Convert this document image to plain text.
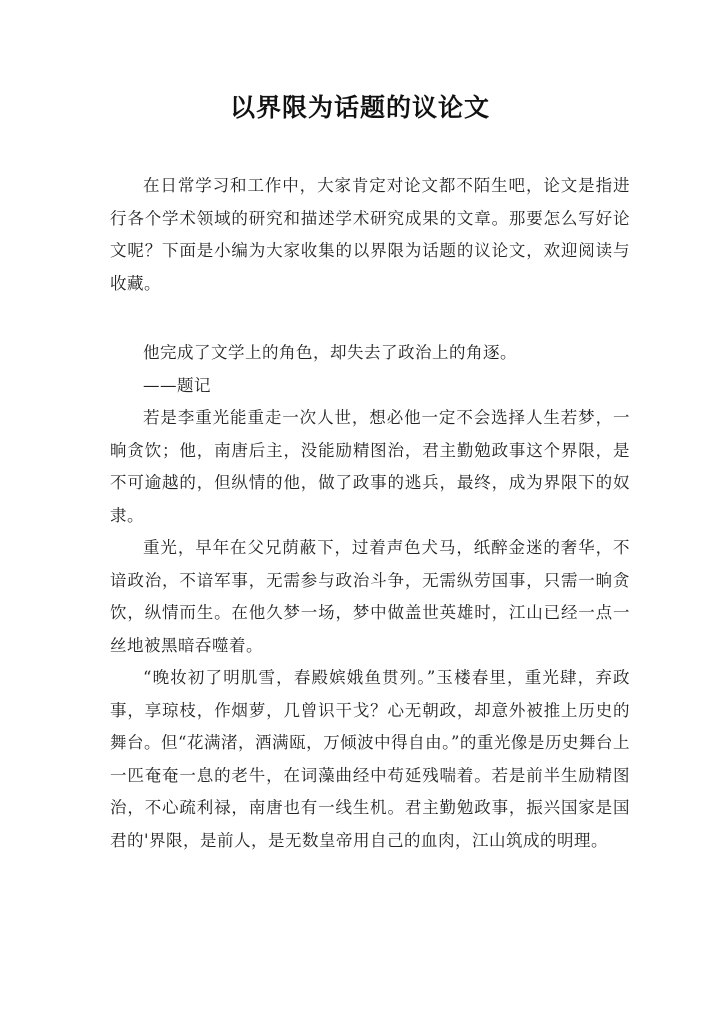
以界限为话题的议论文

在日常学习和工作中，大家肯定对论文都不陌生吧，论文是指进行各个学术领域的研究和描述学术研究成果的文章。那要怎么写好论文呢？下面是小编为大家收集的以界限为话题的议论文，欢迎阅读与收藏。

他完成了文学上的角色，却失去了政治上的角逐。

——题记

若是李重光能重走一次人世，想必他一定不会选择人生若梦，一晌贪饮；他，南唐后主，没能励精图治，君主勤勉政事这个界限，是不可逾越的，但纵情的他，做了政事的逃兵，最终，成为界限下的奴隶。

重光，早年在父兄荫蔽下，过着声色犬马，纸醉金迷的奢华，不谙政治，不谙军事，无需参与政治斗争，无需纵劳国事，只需一晌贪饮，纵情而生。在他久梦一场，梦中做盖世英雄时，江山已经一点一丝地被黑暗吞噬着。

“晚妆初了明肌雪，春殿嫔娥鱼贯列。”玉楼春里，重光肆，弃政事，享琼枝，作烟萝，几曾识干戈？心无朝政，却意外被推上历史的舞台。但“花满渚，酒满瓯，万倾波中得自由。”的重光像是历史舞台上一匹奄奄一息的老牛，在词藻曲经中苟延残喘着。若是前半生励精图治，不心疏利禄，南唐也有一线生机。君主勤勉政事，振兴国家是国君的'界限，是前人，是无数皇帝用自己的血肉，江山筑成的明理。
